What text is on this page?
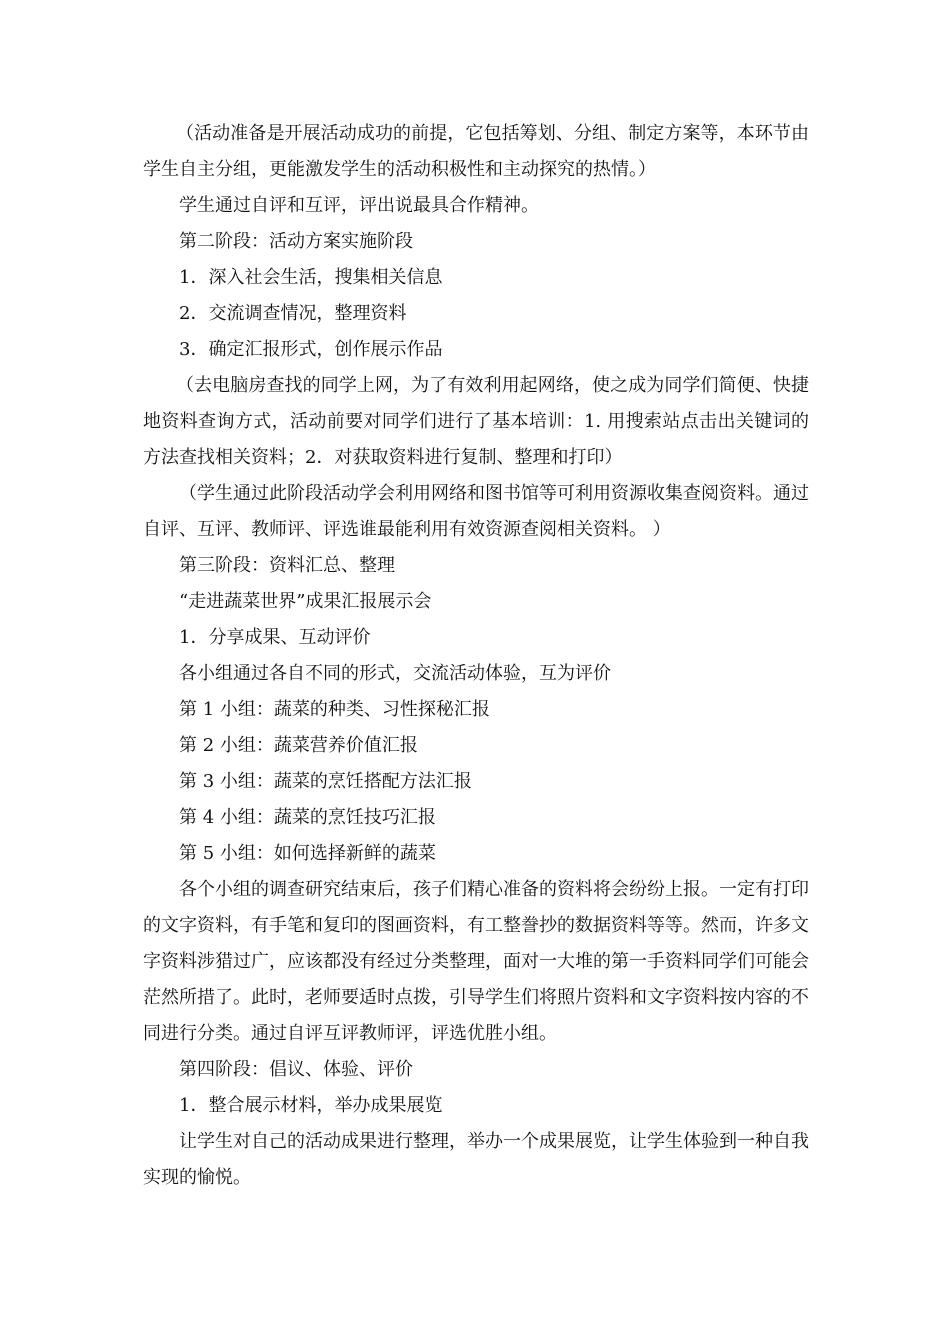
（活动准备是开展活动成功的前提，它包括筹划、分组、制定方案等，本环节由学生自主分组，更能激发学生的活动积极性和主动探究的热情。）

学生通过自评和互评，评出说最具合作精神。

第二阶段：活动方案实施阶段

1．深入社会生活，搜集相关信息

2．交流调查情况，整理资料

3．确定汇报形式，创作展示作品

（去电脑房查找的同学上网，为了有效利用起网络，使之成为同学们简便、快捷地资料查询方式，活动前要对同学们进行了基本培训：1. 用搜索站点击出关键词的方法查找相关资料；2．对获取资料进行复制、整理和打印）

（学生通过此阶段活动学会利用网络和图书馆等可利用资源收集查阅资料。通过自评、互评、教师评、评选谁最能利用有效资源查阅相关资料。 ）

第三阶段：资料汇总、整理

“走进蔬菜世界”成果汇报展示会

1．分享成果、互动评价

各小组通过各自不同的形式，交流活动体验，互为评价

第 1 小组：蔬菜的种类、习性探秘汇报

第 2 小组：蔬菜营养价值汇报

第 3 小组：蔬菜的烹饪搭配方法汇报

第 4 小组：蔬菜的烹饪技巧汇报

第 5 小组：如何选择新鲜的蔬菜

各个小组的调查研究结束后，孩子们精心准备的资料将会纷纷上报。一定有打印的文字资料，有手笔和复印的图画资料，有工整誊抄的数据资料等等。然而，许多文字资料涉猎过广，应该都没有经过分类整理，面对一大堆的第一手资料同学们可能会茫然所措了。此时，老师要适时点拨，引导学生们将照片资料和文字资料按内容的不同进行分类。通过自评互评教师评，评选优胜小组。

第四阶段：倡议、体验、评价

1．整合展示材料，举办成果展览

让学生对自己的活动成果进行整理，举办一个成果展览，让学生体验到一种自我实现的愉悦。
